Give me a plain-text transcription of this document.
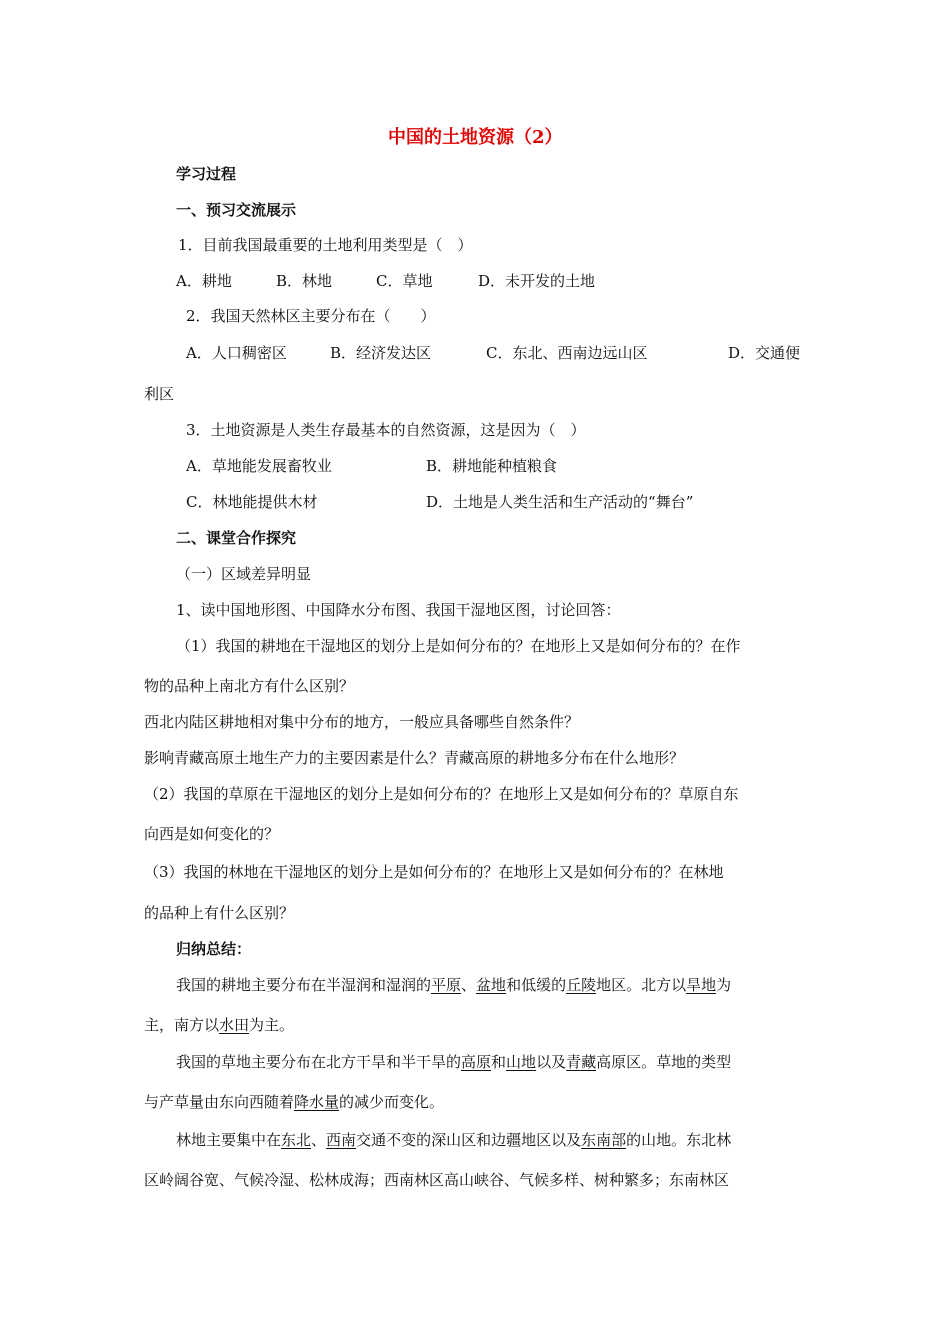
中国的土地资源（2）
学习过程
一、预习交流展示
1．目前我国最重要的土地利用类型是（　）
A．耕地	B．林地	C．草地	D．未开发的土地
2．我国天然林区主要分布在（　　）
A．人口稠密区	B．经济发达区	C．东北、西南边远山区	D．交通便
利区
3．土地资源是人类生存最基本的自然资源，这是因为（　）
A．草地能发展畜牧业	B．耕地能种植粮食
C．林地能提供木材	D．土地是人类生活和生产活动的“舞台”
二、课堂合作探究
（一）区域差异明显
1、读中国地形图、中国降水分布图、我国干湿地区图，讨论回答：
（1）我国的耕地在干湿地区的划分上是如何分布的？在地形上又是如何分布的？在作
物的品种上南北方有什么区别？
西北内陆区耕地相对集中分布的地方，一般应具备哪些自然条件？
影响青藏高原土地生产力的主要因素是什么？青藏高原的耕地多分布在什么地形？
（2）我国的草原在干湿地区的划分上是如何分布的？在地形上又是如何分布的？草原自东
向西是如何变化的？
（3）我国的林地在干湿地区的划分上是如何分布的？在地形上又是如何分布的？在林地
的品种上有什么区别？
归纳总结：
我国的耕地主要分布在半湿润和湿润的平原、盆地和低缓的丘陵地区。北方以旱地为
主，南方以水田为主。
我国的草地主要分布在北方干旱和半干旱的高原和山地以及青藏高原区。草地的类型
与产草量由东向西随着降水量的减少而变化。
林地主要集中在东北、西南交通不变的深山区和边疆地区以及东南部的山地。东北林
区岭阔谷宽、气候冷湿、松林成海；西南林区高山峡谷、气候多样、树种繁多；东南林区
